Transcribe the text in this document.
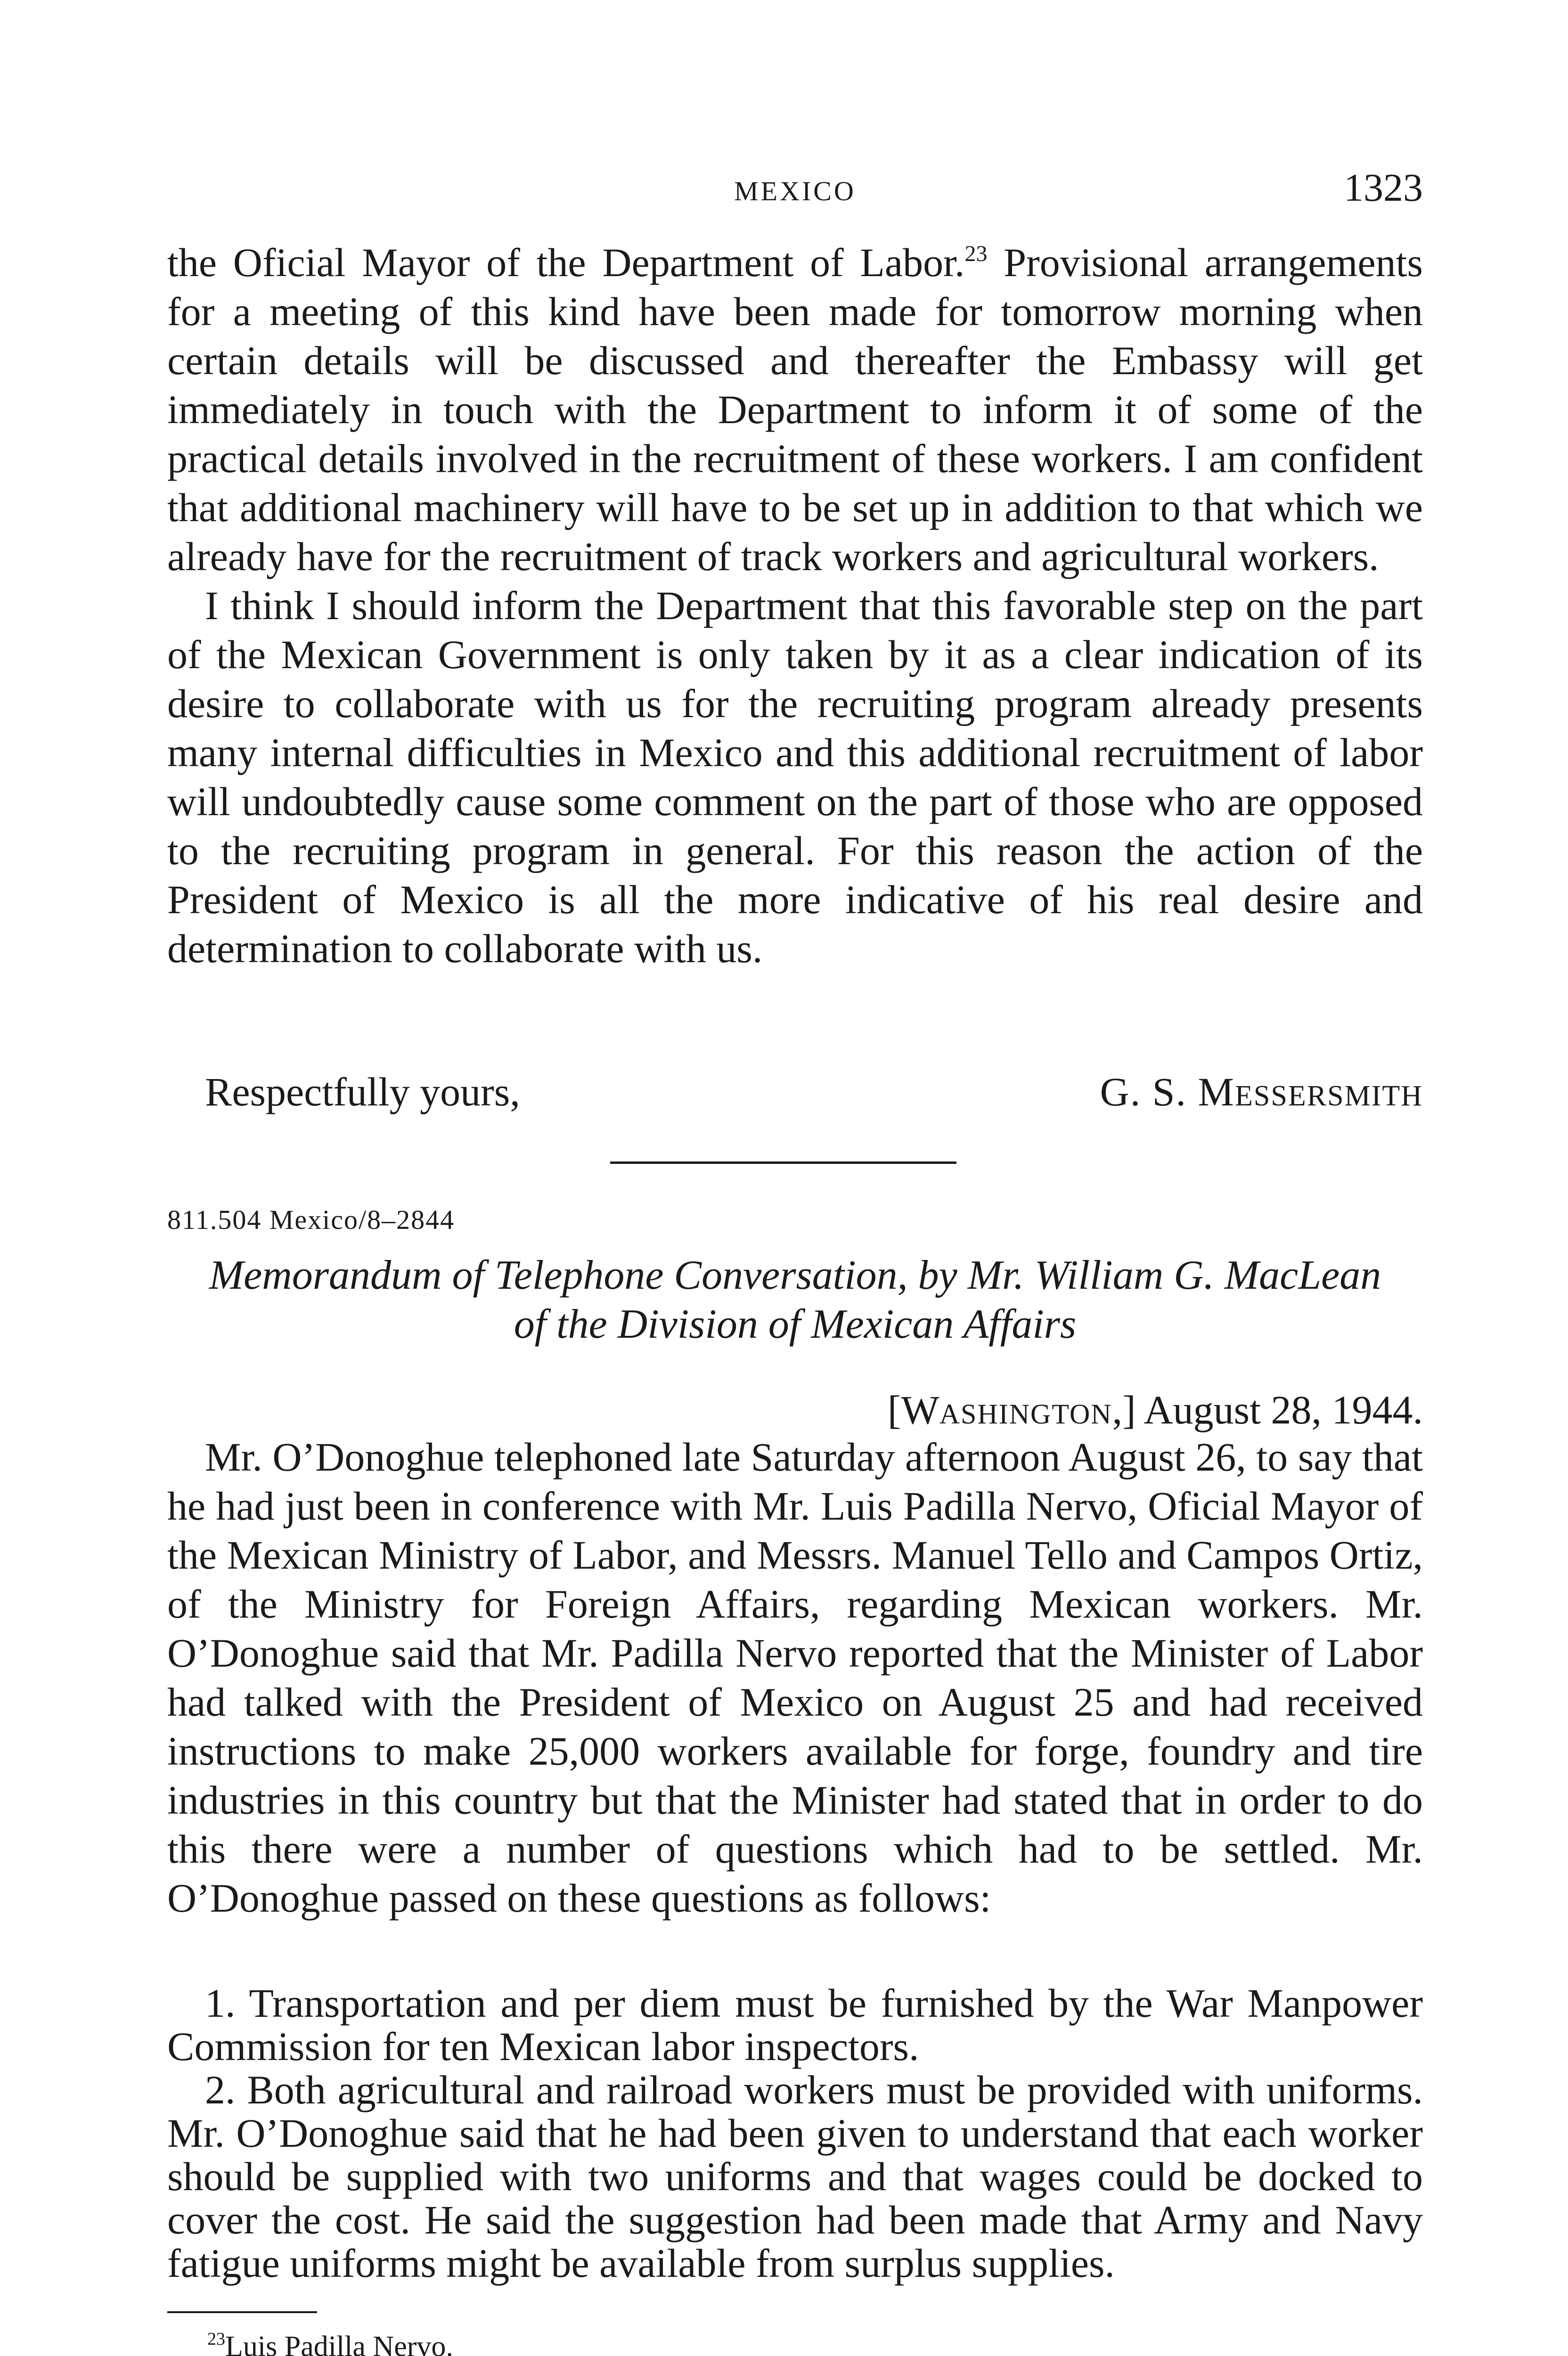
MEXICO	1323

the Oficial Mayor of the Department of Labor.$^{23}$ Provisional arrangements for a meeting of this kind have been made for tomorrow morning when certain details will be discussed and thereafter the Embassy will get immediately in touch with the Department to inform it of some of the practical details involved in the recruitment of these workers. I am confident that additional machinery will have to be set up in addition to that which we already have for the recruitment of track workers and agricultural workers.

I think I should inform the Department that this favorable step on the part of the Mexican Government is only taken by it as a clear indication of its desire to collaborate with us for the recruiting program already presents many internal difficulties in Mexico and this additional recruitment of labor will undoubtedly cause some comment on the part of those who are opposed to the recruiting program in general. For this reason the action of the President of Mexico is all the more indicative of his real desire and determination to collaborate with us.

Respectfully yours,	G. S. MESSERSMITH
811.504 Mexico/8–2844
Memorandum of Telephone Conversation, by Mr. William G. MacLean
of the Division of Mexican Affairs
[WASHINGTON,] August 28, 1944.

Mr. O’Donoghue telephoned late Saturday afternoon August 26, to say that he had just been in conference with Mr. Luis Padilla Nervo, Oficial Mayor of the Mexican Ministry of Labor, and Messrs. Manuel Tello and Campos Ortiz, of the Ministry for Foreign Affairs, regarding Mexican workers. Mr. O’Donoghue said that Mr. Padilla Nervo reported that the Minister of Labor had talked with the President of Mexico on August 25 and had received instructions to make 25,000 workers available for forge, foundry and tire industries in this country but that the Minister had stated that in order to do this there were a number of questions which had to be settled. Mr. O’Donoghue passed on these questions as follows:

1. Transportation and per diem must be furnished by the War Manpower Commission for ten Mexican labor inspectors.

2. Both agricultural and railroad workers must be provided with uniforms. Mr. O’Donoghue said that he had been given to understand that each worker should be supplied with two uniforms and that wages could be docked to cover the cost. He said the suggestion had been made that Army and Navy fatigue uniforms might be available from surplus supplies.

$^{23}$Luis Padilla Nervo.
